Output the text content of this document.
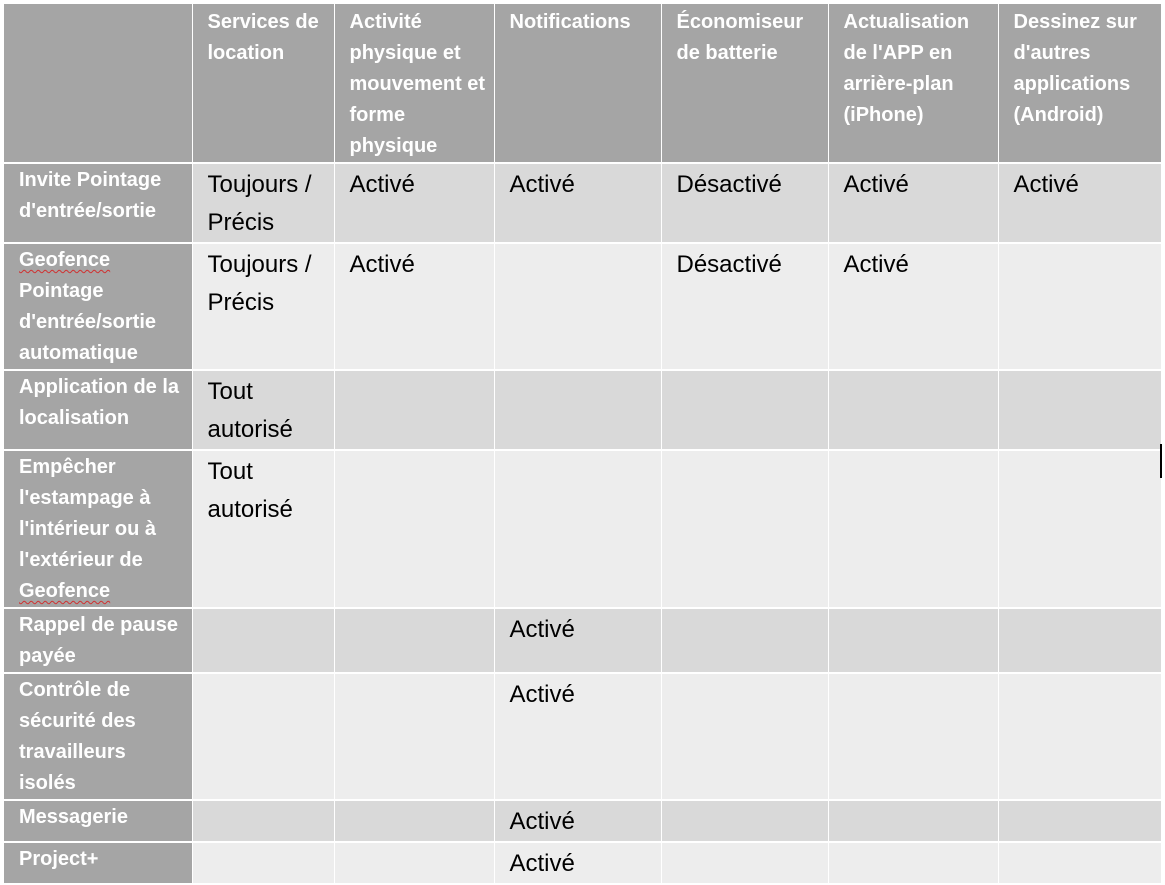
	Services de location	Activité physique et mouvement et forme physique	Notifications	Économiseur de batterie	Actualisation de l'APP en arrière-plan (iPhone)	Dessinez sur d'autres applications (Android)
Invite Pointage d'entrée/sortie	Toujours / Précis	Activé	Activé	Désactivé	Activé	Activé
Geofence Pointage d'entrée/sortie automatique	Toujours / Précis	Activé		Désactivé	Activé	
Application de la localisation	Tout autorisé					
Empêcher l'estampage à l'intérieur ou à l'extérieur de Geofence	Tout autorisé					
Rappel de pause payée			Activé			
Contrôle de sécurité des travailleurs isolés			Activé			
Messagerie			Activé			
Project+			Activé			
